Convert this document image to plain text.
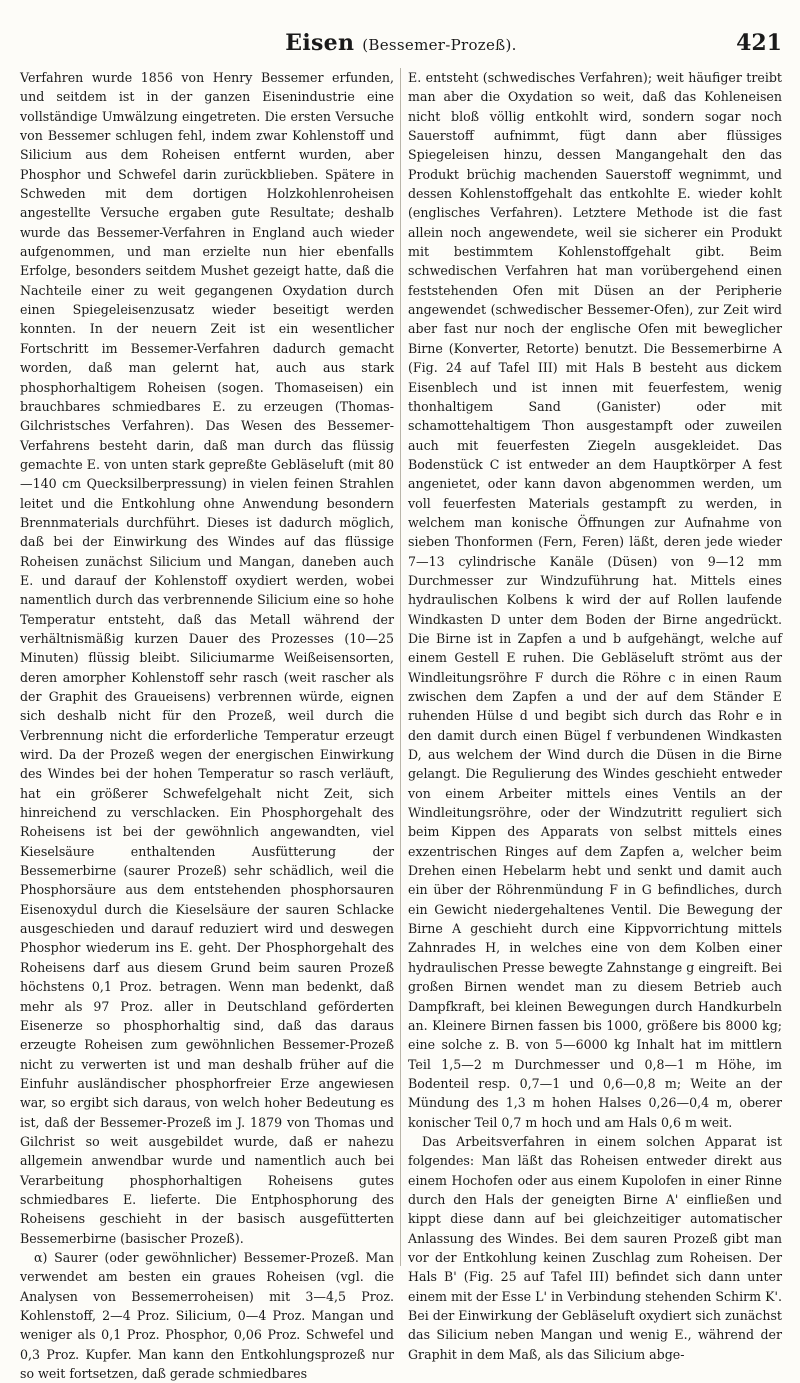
Eisen (Bessemer-Prozeß).	421

Verfahren wurde 1856 von Henry Bessemer erfunden, und seitdem ist in der ganzen Eisenindustrie eine vollständige Umwälzung eingetreten. Die ersten Versuche von Bessemer schlugen fehl, indem zwar Kohlenstoff und Silicium aus dem Roheisen entfernt wurden, aber Phosphor und Schwefel darin zurückblieben. Spätere in Schweden mit dem dortigen Holzkohlenroheisen angestellte Versuche ergaben gute Resultate; deshalb wurde das Bessemer-Verfahren in England auch wieder aufgenommen, und man erzielte nun hier ebenfalls Erfolge, besonders seitdem Mushet gezeigt hatte, daß die Nachteile einer zu weit gegangenen Oxydation durch einen Spiegeleisenzusatz wieder beseitigt werden konnten. In der neuern Zeit ist ein wesentlicher Fortschritt im Bessemer-Verfahren dadurch gemacht worden, daß man gelernt hat, auch aus stark phosphorhaltigem Roheisen (sogen. Thomaseisen) ein brauchbares schmiedbares E. zu erzeugen (Thomas-Gilchristsches Verfahren). Das Wesen des Bessemer-Verfahrens besteht darin, daß man durch das flüssig gemachte E. von unten stark gepreßte Gebläseluft (mit 80—140 cm Quecksilberpressung) in vielen feinen Strahlen leitet und die Entkohlung ohne Anwendung besondern Brennmaterials durchführt. Dieses ist dadurch möglich, daß bei der Einwirkung des Windes auf das flüssige Roheisen zunächst Silicium und Mangan, daneben auch E. und darauf der Kohlenstoff oxydiert werden, wobei namentlich durch das verbrennende Silicium eine so hohe Temperatur entsteht, daß das Metall während der verhältnismäßig kurzen Dauer des Prozesses (10—25 Minuten) flüssig bleibt. Siliciumarme Weißeisensorten, deren amorpher Kohlenstoff sehr rasch (weit rascher als der Graphit des Graueisens) verbrennen würde, eignen sich deshalb nicht für den Prozeß, weil durch die Verbrennung nicht die erforderliche Temperatur erzeugt wird. Da der Prozeß wegen der energischen Einwirkung des Windes bei der hohen Temperatur so rasch verläuft, hat ein größerer Schwefelgehalt nicht Zeit, sich hinreichend zu verschlacken. Ein Phosphorgehalt des Roheisens ist bei der gewöhnlich angewandten, viel Kieselsäure enthaltenden Ausfütterung der Bessemerbirne (saurer Prozeß) sehr schädlich, weil die Phosphorsäure aus dem entstehenden phosphorsauren Eisenoxydul durch die Kieselsäure der sauren Schlacke ausgeschieden und darauf reduziert wird und deswegen Phosphor wiederum ins E. geht. Der Phosphorgehalt des Roheisens darf aus diesem Grund beim sauren Prozeß höchstens 0,1 Proz. betragen. Wenn man bedenkt, daß mehr als 97 Proz. aller in Deutschland geförderten Eisenerze so phosphorhaltig sind, daß das daraus erzeugte Roheisen zum gewöhnlichen Bessemer-Prozeß nicht zu verwerten ist und man deshalb früher auf die Einfuhr ausländischer phosphorfreier Erze angewiesen war, so ergibt sich daraus, von welch hoher Bedeutung es ist, daß der Bessemer-Prozeß im J. 1879 von Thomas und Gilchrist so weit ausgebildet wurde, daß er nahezu allgemein anwendbar wurde und namentlich auch bei Verarbeitung phosphorhaltigen Roheisens gutes schmiedbares E. lieferte. Die Entphosphorung des Roheisens geschieht in der basisch ausgefütterten Bessemerbirne (basischer Prozeß).

α) Saurer (oder gewöhnlicher) Bessemer-Prozeß. Man verwendet am besten ein graues Roheisen (vgl. die Analysen von Bessemerroheisen) mit 3—4,5 Proz. Kohlenstoff, 2—4 Proz. Silicium, 0—4 Proz. Mangan und weniger als 0,1 Proz. Phosphor, 0,06 Proz. Schwefel und 0,3 Proz. Kupfer. Man kann den Entkohlungsprozeß nur so weit fortsetzen, daß gerade schmiedbares

E. entsteht (schwedisches Verfahren); weit häufiger treibt man aber die Oxydation so weit, daß das Kohleneisen nicht bloß völlig entkohlt wird, sondern sogar noch Sauerstoff aufnimmt, fügt dann aber flüssiges Spiegeleisen hinzu, dessen Mangangehalt den das Produkt brüchig machenden Sauerstoff wegnimmt, und dessen Kohlenstoffgehalt das entkohlte E. wieder kohlt (englisches Verfahren). Letztere Methode ist die fast allein noch angewendete, weil sie sicherer ein Produkt mit bestimmtem Kohlenstoffgehalt gibt. Beim schwedischen Verfahren hat man vorübergehend einen feststehenden Ofen mit Düsen an der Peripherie angewendet (schwedischer Bessemer-Ofen), zur Zeit wird aber fast nur noch der englische Ofen mit beweglicher Birne (Konverter, Retorte) benutzt. Die Bessemerbirne A (Fig. 24 auf Tafel III) mit Hals B besteht aus dickem Eisenblech und ist innen mit feuerfestem, wenig thonhaltigem Sand (Ganister) oder mit schamottehaltigem Thon ausgestampft oder zuweilen auch mit feuerfesten Ziegeln ausgekleidet. Das Bodenstück C ist entweder an dem Hauptkörper A fest angenietet, oder kann davon abgenommen werden, um voll feuerfesten Materials gestampft zu werden, in welchem man konische Öffnungen zur Aufnahme von sieben Thonformen (Fern, Feren) läßt, deren jede wieder 7—13 cylindrische Kanäle (Düsen) von 9—12 mm Durchmesser zur Windzuführung hat. Mittels eines hydraulischen Kolbens k wird der auf Rollen laufende Windkasten D unter dem Boden der Birne angedrückt. Die Birne ist in Zapfen a und b aufgehängt, welche auf einem Gestell E ruhen. Die Gebläseluft strömt aus der Windleitungsröhre F durch die Röhre c in einen Raum zwischen dem Zapfen a und der auf dem Ständer E ruhenden Hülse d und begibt sich durch das Rohr e in den damit durch einen Bügel f verbundenen Windkasten D, aus welchem der Wind durch die Düsen in die Birne gelangt. Die Regulierung des Windes geschieht entweder von einem Arbeiter mittels eines Ventils an der Windleitungsröhre, oder der Windzutritt reguliert sich beim Kippen des Apparats von selbst mittels eines exzentrischen Ringes auf dem Zapfen a, welcher beim Drehen einen Hebelarm hebt und senkt und damit auch ein über der Röhrenmündung F in G befindliches, durch ein Gewicht niedergehaltenes Ventil. Die Bewegung der Birne A geschieht durch eine Kippvorrichtung mittels Zahnrades H, in welches eine von dem Kolben einer hydraulischen Presse bewegte Zahnstange g eingreift. Bei großen Birnen wendet man zu diesem Betrieb auch Dampfkraft, bei kleinen Bewegungen durch Handkurbeln an. Kleinere Birnen fassen bis 1000, größere bis 8000 kg; eine solche z. B. von 5—6000 kg Inhalt hat im mittlern Teil 1,5—2 m Durchmesser und 0,8—1 m Höhe, im Bodenteil resp. 0,7—1 und 0,6—0,8 m; Weite an der Mündung des 1,3 m hohen Halses 0,26—0,4 m, oberer konischer Teil 0,7 m hoch und am Hals 0,6 m weit.

Das Arbeitsverfahren in einem solchen Apparat ist folgendes: Man läßt das Roheisen entweder direkt aus einem Hochofen oder aus einem Kupolofen in einer Rinne durch den Hals der geneigten Birne A' einfließen und kippt diese dann auf bei gleichzeitiger automatischer Anlassung des Windes. Bei dem sauren Prozeß gibt man vor der Entkohlung keinen Zuschlag zum Roheisen. Der Hals B' (Fig. 25 auf Tafel III) befindet sich dann unter einem mit der Esse L' in Verbindung stehenden Schirm K'. Bei der Einwirkung der Gebläseluft oxydiert sich zunächst das Silicium neben Mangan und wenig E., während der Graphit in dem Maß, als das Silicium abge-
